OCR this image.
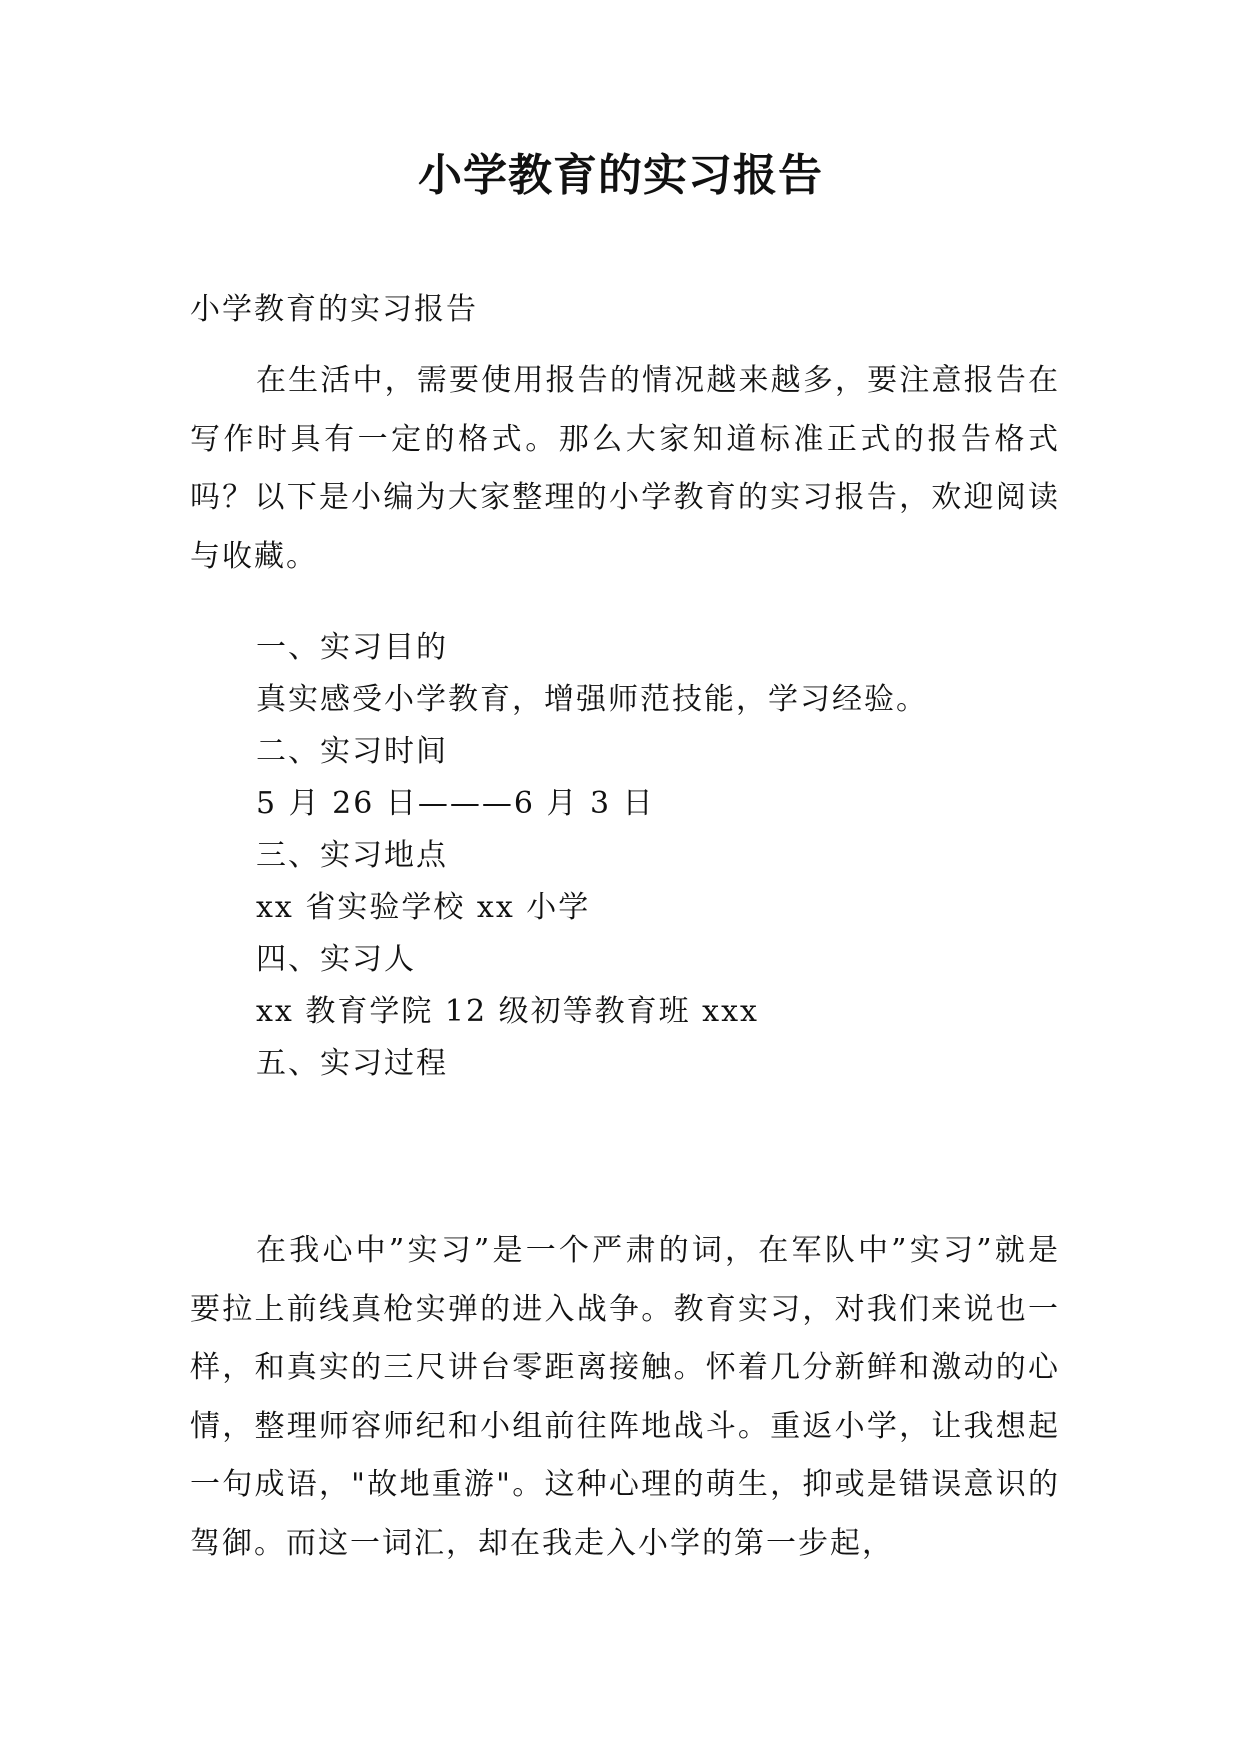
小学教育的实习报告
小学教育的实习报告
在生活中，需要使用报告的情况越来越多，要注意报告在写作时具有一定的格式。那么大家知道标准正式的报告格式吗？以下是小编为大家整理的小学教育的实习报告，欢迎阅读与收藏。
一、实习目的
真实感受小学教育，增强师范技能，学习经验。
二、实习时间
5 月 26 日———6 月 3 日
三、实习地点
xx 省实验学校 xx 小学
四、实习人
xx 教育学院 12 级初等教育班 xxx
五、实习过程
在我心中”实习”是一个严肃的词，在军队中”实习”就是要拉上前线真枪实弹的进入战争。教育实习，对我们来说也一样，和真实的三尺讲台零距离接触。怀着几分新鲜和激动的心情，整理师容师纪和小组前往阵地战斗。重返小学，让我想起一句成语，"故地重游"。这种心理的萌生，抑或是错误意识的驾御。而这一词汇，却在我走入小学的第一步起，
